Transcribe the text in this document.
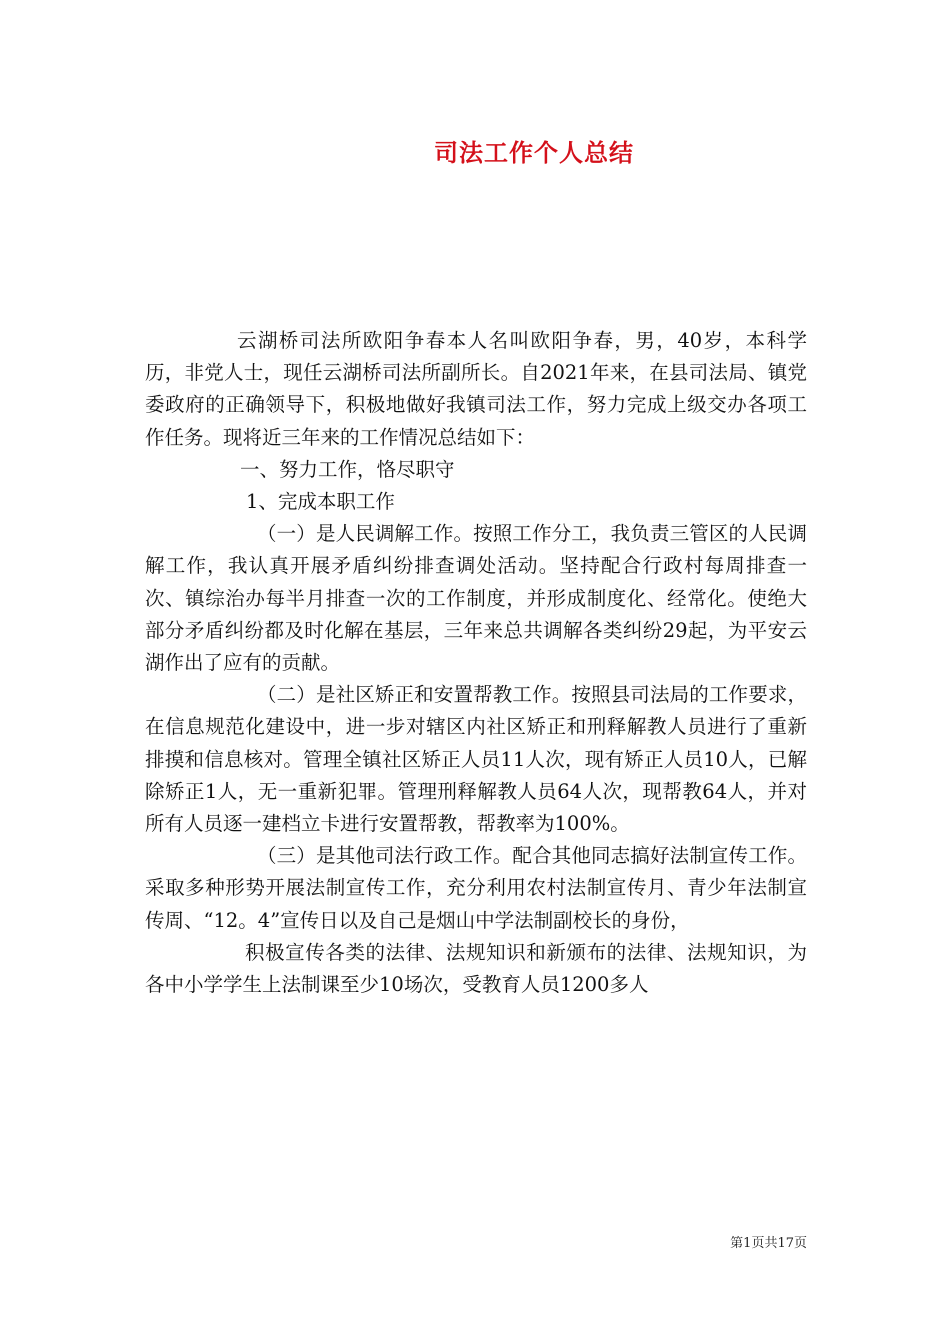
司法工作个人总结

云湖桥司法所欧阳争春本人名叫欧阳争春，男，40岁，本科学历，非党人士，现任云湖桥司法所副所长。自2021年来，在县司法局、镇党委政府的正确领导下，积极地做好我镇司法工作，努力完成上级交办各项工作任务。现将近三年来的工作情况总结如下：

一、努力工作，恪尽职守

1、完成本职工作

（一）是人民调解工作。按照工作分工，我负责三管区的人民调解工作，我认真开展矛盾纠纷排查调处活动。坚持配合行政村每周排查一次、镇综治办每半月排查一次的工作制度，并形成制度化、经常化。使绝大部分矛盾纠纷都及时化解在基层，三年来总共调解各类纠纷29起，为平安云湖作出了应有的贡献。

（二）是社区矫正和安置帮教工作。按照县司法局的工作要求，在信息规范化建设中，进一步对辖区内社区矫正和刑释解教人员进行了重新排摸和信息核对。管理全镇社区矫正人员11人次，现有矫正人员10人，已解除矫正1人，无一重新犯罪。管理刑释解教人员64人次，现帮教64人，并对所有人员逐一建档立卡进行安置帮教，帮教率为100%。

（三）是其他司法行政工作。配合其他同志搞好法制宣传工作。采取多种形势开展法制宣传工作，充分利用农村法制宣传月、青少年法制宣传周、“12。4”宣传日以及自己是烟山中学法制副校长的身份，

积极宣传各类的法律、法规知识和新颁布的法律、法规知识，为各中小学学生上法制课至少10场次，受教育人员1200多人

第1页共17页
